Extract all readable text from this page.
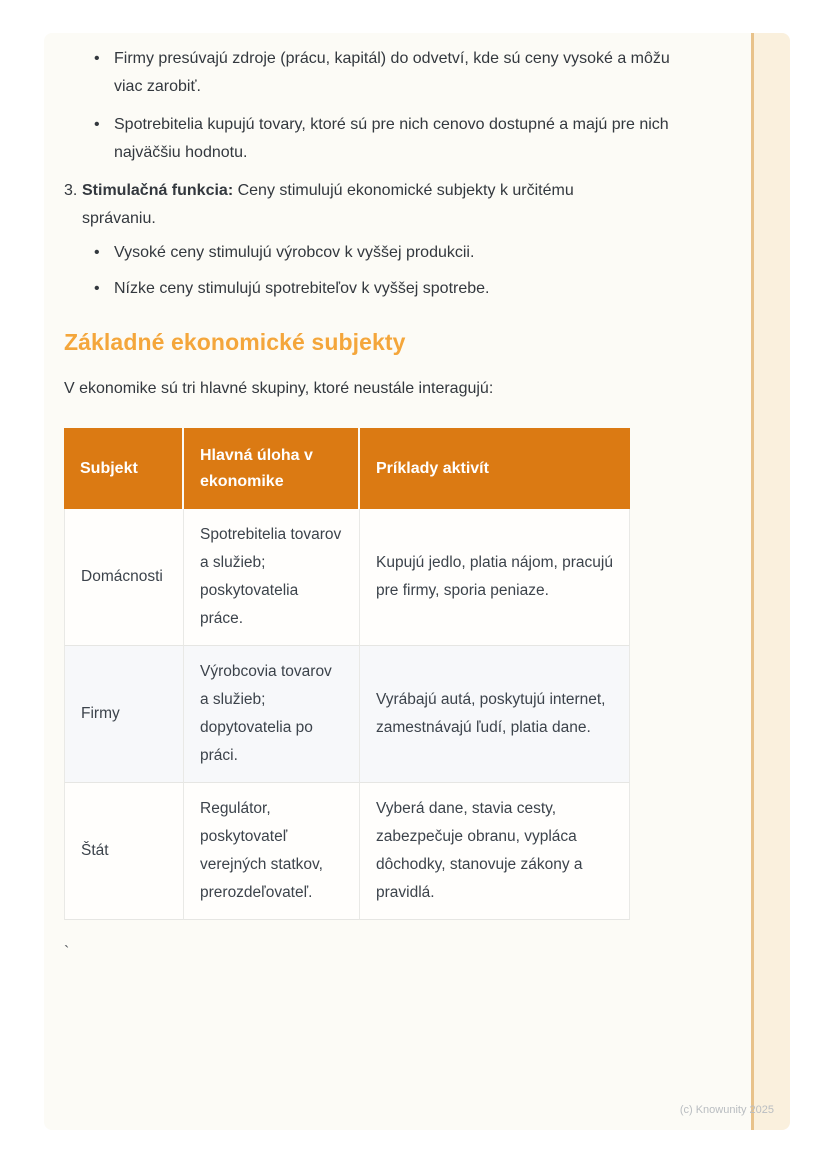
• Firmy presúvajú zdroje (prácu, kapitál) do odvetví, kde sú ceny vysoké a môžu viac zarobiť.
• Spotrebitelia kupujú tovary, ktoré sú pre nich cenovo dostupné a majú pre nich najväčšiu hodnotu.
3. Stimulačná funkcia: Ceny stimulujú ekonomické subjekty k určitému správaniu.
• Vysoké ceny stimulujú výrobcov k vyššej produkcii.
• Nízke ceny stimulujú spotrebiteľov k vyššej spotrebe.
Základné ekonomické subjekty

V ekonomike sú tri hlavné skupiny, ktoré neustále interagujú:

Subjekt	Hlavná úloha v ekonomike	Príklady aktivít
Domácnosti	Spotrebitelia tovarov a služieb; poskytovatelia práce.	Kupujú jedlo, platia nájom, pracujú pre firmy, sporia peniaze.
Firmy	Výrobcovia tovarov a služieb; dopytovatelia po práci.	Vyrábajú autá, poskytujú internet, zamestnávajú ľudí, platia dane.
Štát	Regulátor, poskytovateľ verejných statkov, prerozdeľovateľ.	Vyberá dane, stavia cesty, zabezpečuje obranu, vypláca dôchodky, stanovuje zákony a pravidlá.

`

(c) Knowunity 2025
